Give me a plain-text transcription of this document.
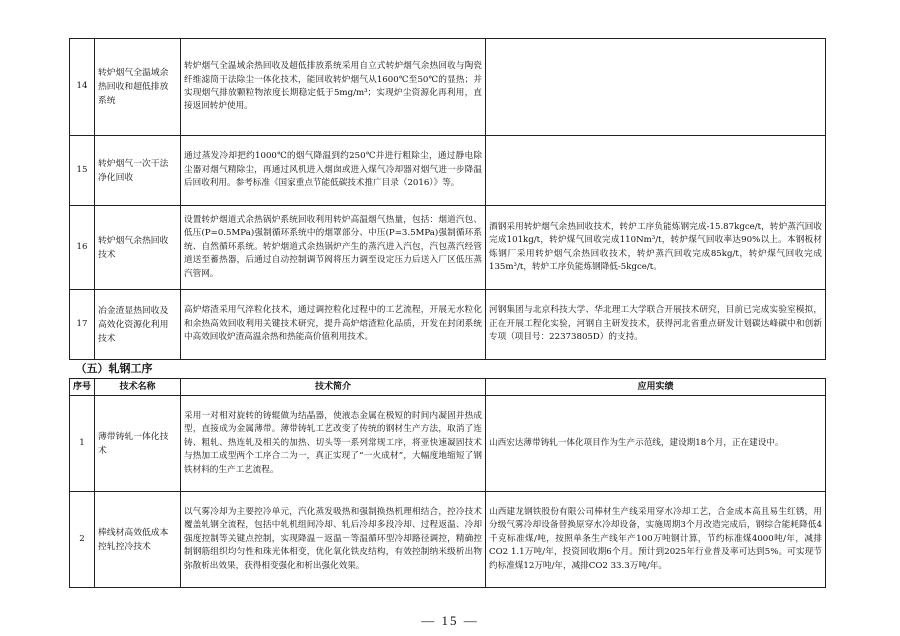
14	转炉烟气全温域余热回收和超低排放系统	转炉烟气全温域余热回收及超低排放系统采用自立式转炉烟气余热回收与陶瓷纤维滤筒干法除尘一体化技术，能回收转炉烟气从1600℃至50℃的显热；并实现烟气排放颗粒物浓度长期稳定低于5mg/m³；实现炉尘资源化再利用，直接返回转炉使用。	
15	转炉烟气一次干法净化回收	通过蒸发冷却把约1000℃的烟气降温到约250℃并进行粗除尘，通过静电除尘器对烟气精除尘，再通过风机进入烟囱或进入煤气冷却器对烟气进一步降温后回收利用。参考标准《国家重点节能低碳技术推广目录（2016）》等。	
16	转炉烟气余热回收技术	设置转炉烟道式余热锅炉系统回收利用转炉高温烟气热量，包括：烟道汽包、低压(P=0.5MPa)强制循环系统中的烟罩部分、中压(P=3.5MPa)强制循环系统、自然循环系统。转炉烟道式余热锅炉产生的蒸汽进入汽包，汽包蒸汽经管道送至蓄热器，后通过自动控制调节阀将压力调至设定压力后送入厂区低压蒸汽管网。	酒钢采用转炉烟气余热回收技术，转炉工序负能炼钢完成-15.87kgce/t，转炉蒸汽回收完成101kg/t，转炉煤气回收完成110Nm³/t，转炉煤气回收率达90%以上。本钢板材炼钢厂采用转炉烟气余热回收技术，转炉蒸汽回收完成85kg/t，转炉煤气回收完成135m³/t，转炉工序负能炼钢降低-5kgce/t。
17	冶金渣显热回收及高效化资源化利用技术	高炉熔渣采用气淬粒化技术，通过调控粒化过程中的工艺流程，开展无水粒化和余热高效回收利用关键技术研究，提升高炉熔渣粒化品质，开发在封闭系统中高效回收炉渣高温余热和热能高价值利用技术。	河钢集团与北京科技大学、华北理工大学联合开展技术研究，目前已完成实验室模拟，正在开展工程化实验，河钢自主研发技术，获得河北省重点研发计划碳达峰碳中和创新专项（项目号：22373805D）的支持。
（五）轧钢工序			
序号	技术名称	技术简介	应用实绩
1	薄带铸轧一体化技术	采用一对相对旋转的铸辊做为结晶器，使液态金属在极短的时间内凝固并热成型，直接成为金属薄带。薄带铸轧工艺改变了传统的钢材生产方法，取消了连铸、粗轧、热连轧及相关的加热、切头等一系列常规工序，将亚快速凝固技术与热加工成型两个工序合二为一，真正实现了“一火成材”，大幅度地缩短了钢铁材料的生产工艺流程。	山西宏达薄带铸轧一体化项目作为生产示范线，建设期18个月，正在建设中。
2	棒线材高效低成本控轧控冷技术	以气雾冷却为主要控冷单元，汽化蒸发吸热和强制换热机理相结合，控冷技术覆盖轧钢全流程，包括中轧机组间冷却、轧后冷却多段冷却、过程返温、冷却强度控制等关键点控制，实现降温－返温－等温循环型冷却路径调控，精确控制钢筋组织均匀性和珠光体相变，优化氧化铁皮结构，有效控制纳米级析出物弥散析出效果，获得相变强化和析出强化效果。	山西建龙钢铁股份有限公司棒材生产线采用穿水冷却工艺，合金成本高且易生红锈，用分级气雾冷却设备替换原穿水冷却设备，实施周期3个月改造完成后，钢综合能耗降低4千克标准煤/吨，按照单条生产线年产100万吨钢计算，节约标准煤4000吨/年，减排CO2 1.1万吨/年，投资回收期6个月。预计到2025年行业普及率可达到5%。可实现节约标准煤12万吨/年，减排CO2 33.3万吨/年。
— 15 —
